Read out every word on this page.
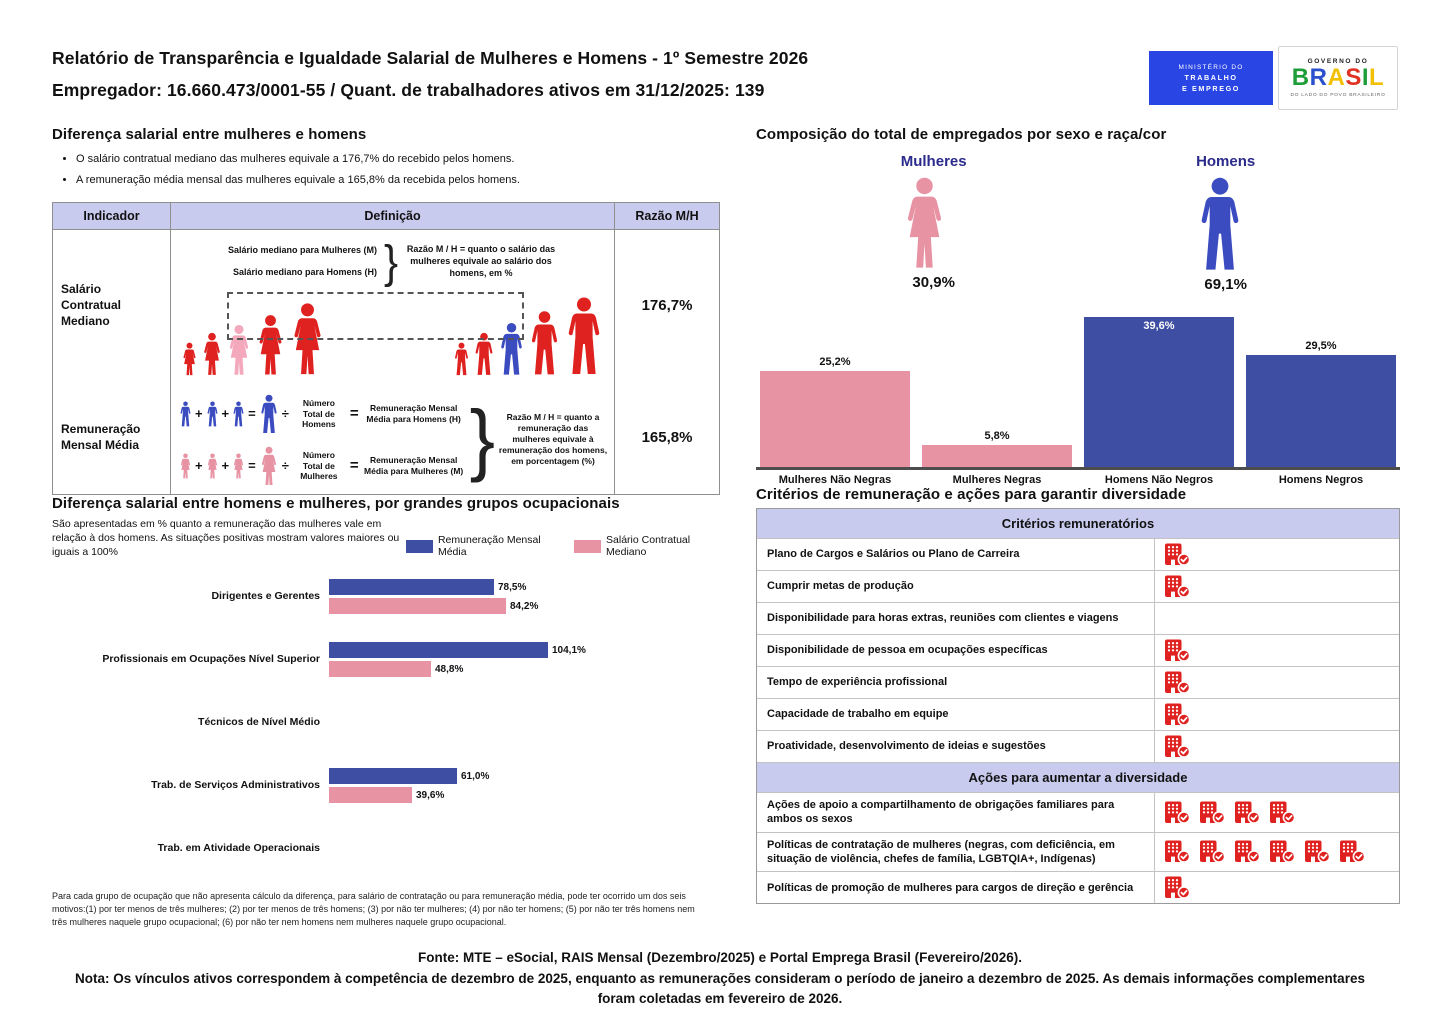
Relatório de Transparência e Igualdade Salarial de Mulheres e Homens - 1º Semestre 2026
Empregador: 16.660.473/0001-55 / Quant. de trabalhadores ativos em 31/12/2025: 139
MINISTÉRIO DO
TRABALHO
E EMPREGO
GOVERNO DO
BRASIL
DO LADO DO POVO BRASILEIRO
Diferença salarial entre mulheres e homens
• O salário contratual mediano das mulheres equivale a 176,7% do recebido pelos homens.
• A remuneração média mensal das mulheres equivale a 165,8% da recebida pelos homens.
Indicador	Definição	Razão M/H
Salário Contratual Mediano
Salário mediano para Mulheres (M)
Salário mediano para Homens (H) } Razão M / H = quanto o salário das mulheres equivale ao salário dos homens, em %
176,7%
Remuneração Mensal Média
+ + = ÷
Número Total de Homens
=	Remuneração Mensal Média para Homens (H)
+ + = ÷
Número Total de Mulheres
=	Remuneração Mensal Média para Mulheres (M) }	Razão M / H = quanto a remuneração das mulheres equivale à remuneração dos homens, em porcentagem (%)
165,8%
Diferença salarial entre homens e mulheres, por grandes grupos ocupacionais
São apresentadas em % quanto a remuneração das mulheres vale em relação à dos homens. As situações positivas mostram valores maiores ou iguais a 100%
Remuneração Mensal Média
Salário Contratual Mediano
Dirigentes e Gerentes
78,5%
84,2%
Profissionais em Ocupações Nível Superior
104,1%
48,8%
Técnicos de Nível Médio
Trab. de Serviços Administrativos
61,0%
39,6%
Trab. em Atividade Operacionais

Para cada grupo de ocupação que não apresenta cálculo da diferença, para salário de contratação ou para remuneração média, pode ter ocorrido um dos seis motivos:(1) por ter menos de três mulheres; (2) por ter menos de três homens; (3) por não ter mulheres; (4) por não ter homens; (5) por não ter três homens nem três mulheres naquele grupo ocupacional; (6) por não ter nem homens nem mulheres naquele grupo ocupacional.

Composição do total de empregados por sexo e raça/cor
Mulheres
30,9%
Homens
69,1%
25,2%
5,8%
39,6%
29,5%
Mulheres Não Negras	Mulheres Negras	Homens Não Negros	Homens Negros
Critérios de remuneração e ações para garantir diversidade
Critérios remuneratórios
Plano de Cargos e Salários ou Plano de Carreira
Cumprir metas de produção
Disponibilidade para horas extras, reuniões com clientes e viagens
Disponibilidade de pessoa em ocupações específicas
Tempo de experiência profissional
Capacidade de trabalho em equipe
Proatividade, desenvolvimento de ideias e sugestões
Ações para aumentar a diversidade
Ações de apoio a compartilhamento de obrigações familiares para ambos os sexos
Políticas de contratação de mulheres (negras, com deficiência, em situação de violência, chefes de família, LGBTQIA+, Indígenas)
Políticas de promoção de mulheres para cargos de direção e gerência
Fonte: MTE – eSocial, RAIS Mensal (Dezembro/2025) e Portal Emprega Brasil (Fevereiro/2026).
Nota: Os vínculos ativos correspondem à competência de dezembro de 2025, enquanto as remunerações consideram o período de janeiro a dezembro de 2025. As demais informações complementares foram coletadas em fevereiro de 2026.
